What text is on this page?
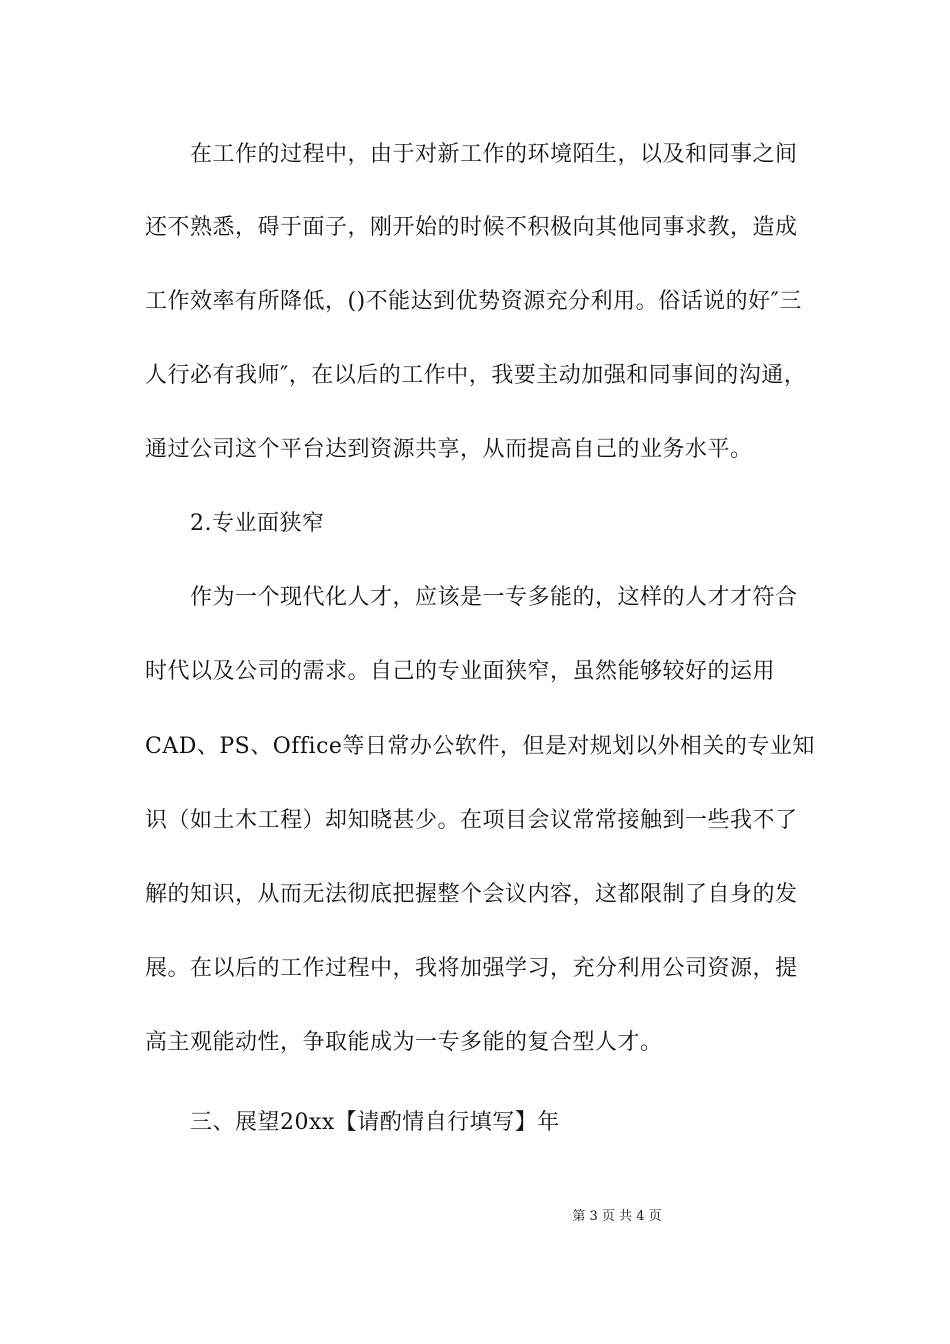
在工作的过程中，由于对新工作的环境陌生，以及和同事之间
还不熟悉，碍于面子，刚开始的时候不积极向其他同事求教，造成
工作效率有所降低，()不能达到优势资源充分利用。俗话说的好″三
人行必有我师″，在以后的工作中，我要主动加强和同事间的沟通，
通过公司这个平台达到资源共享，从而提高自己的业务水平。
2.专业面狭窄
作为一个现代化人才，应该是一专多能的，这样的人才才符合
时代以及公司的需求。自己的专业面狭窄，虽然能够较好的运用
CAD、PS、Office等日常办公软件，但是对规划以外相关的专业知
识（如土木工程）却知晓甚少。在项目会议常常接触到一些我不了
解的知识，从而无法彻底把握整个会议内容，这都限制了自身的发
展。在以后的工作过程中，我将加强学习，充分利用公司资源，提
高主观能动性，争取能成为一专多能的复合型人才。
三、展望20xx【请酌情自行填写】年
第 3 页 共 4 页
